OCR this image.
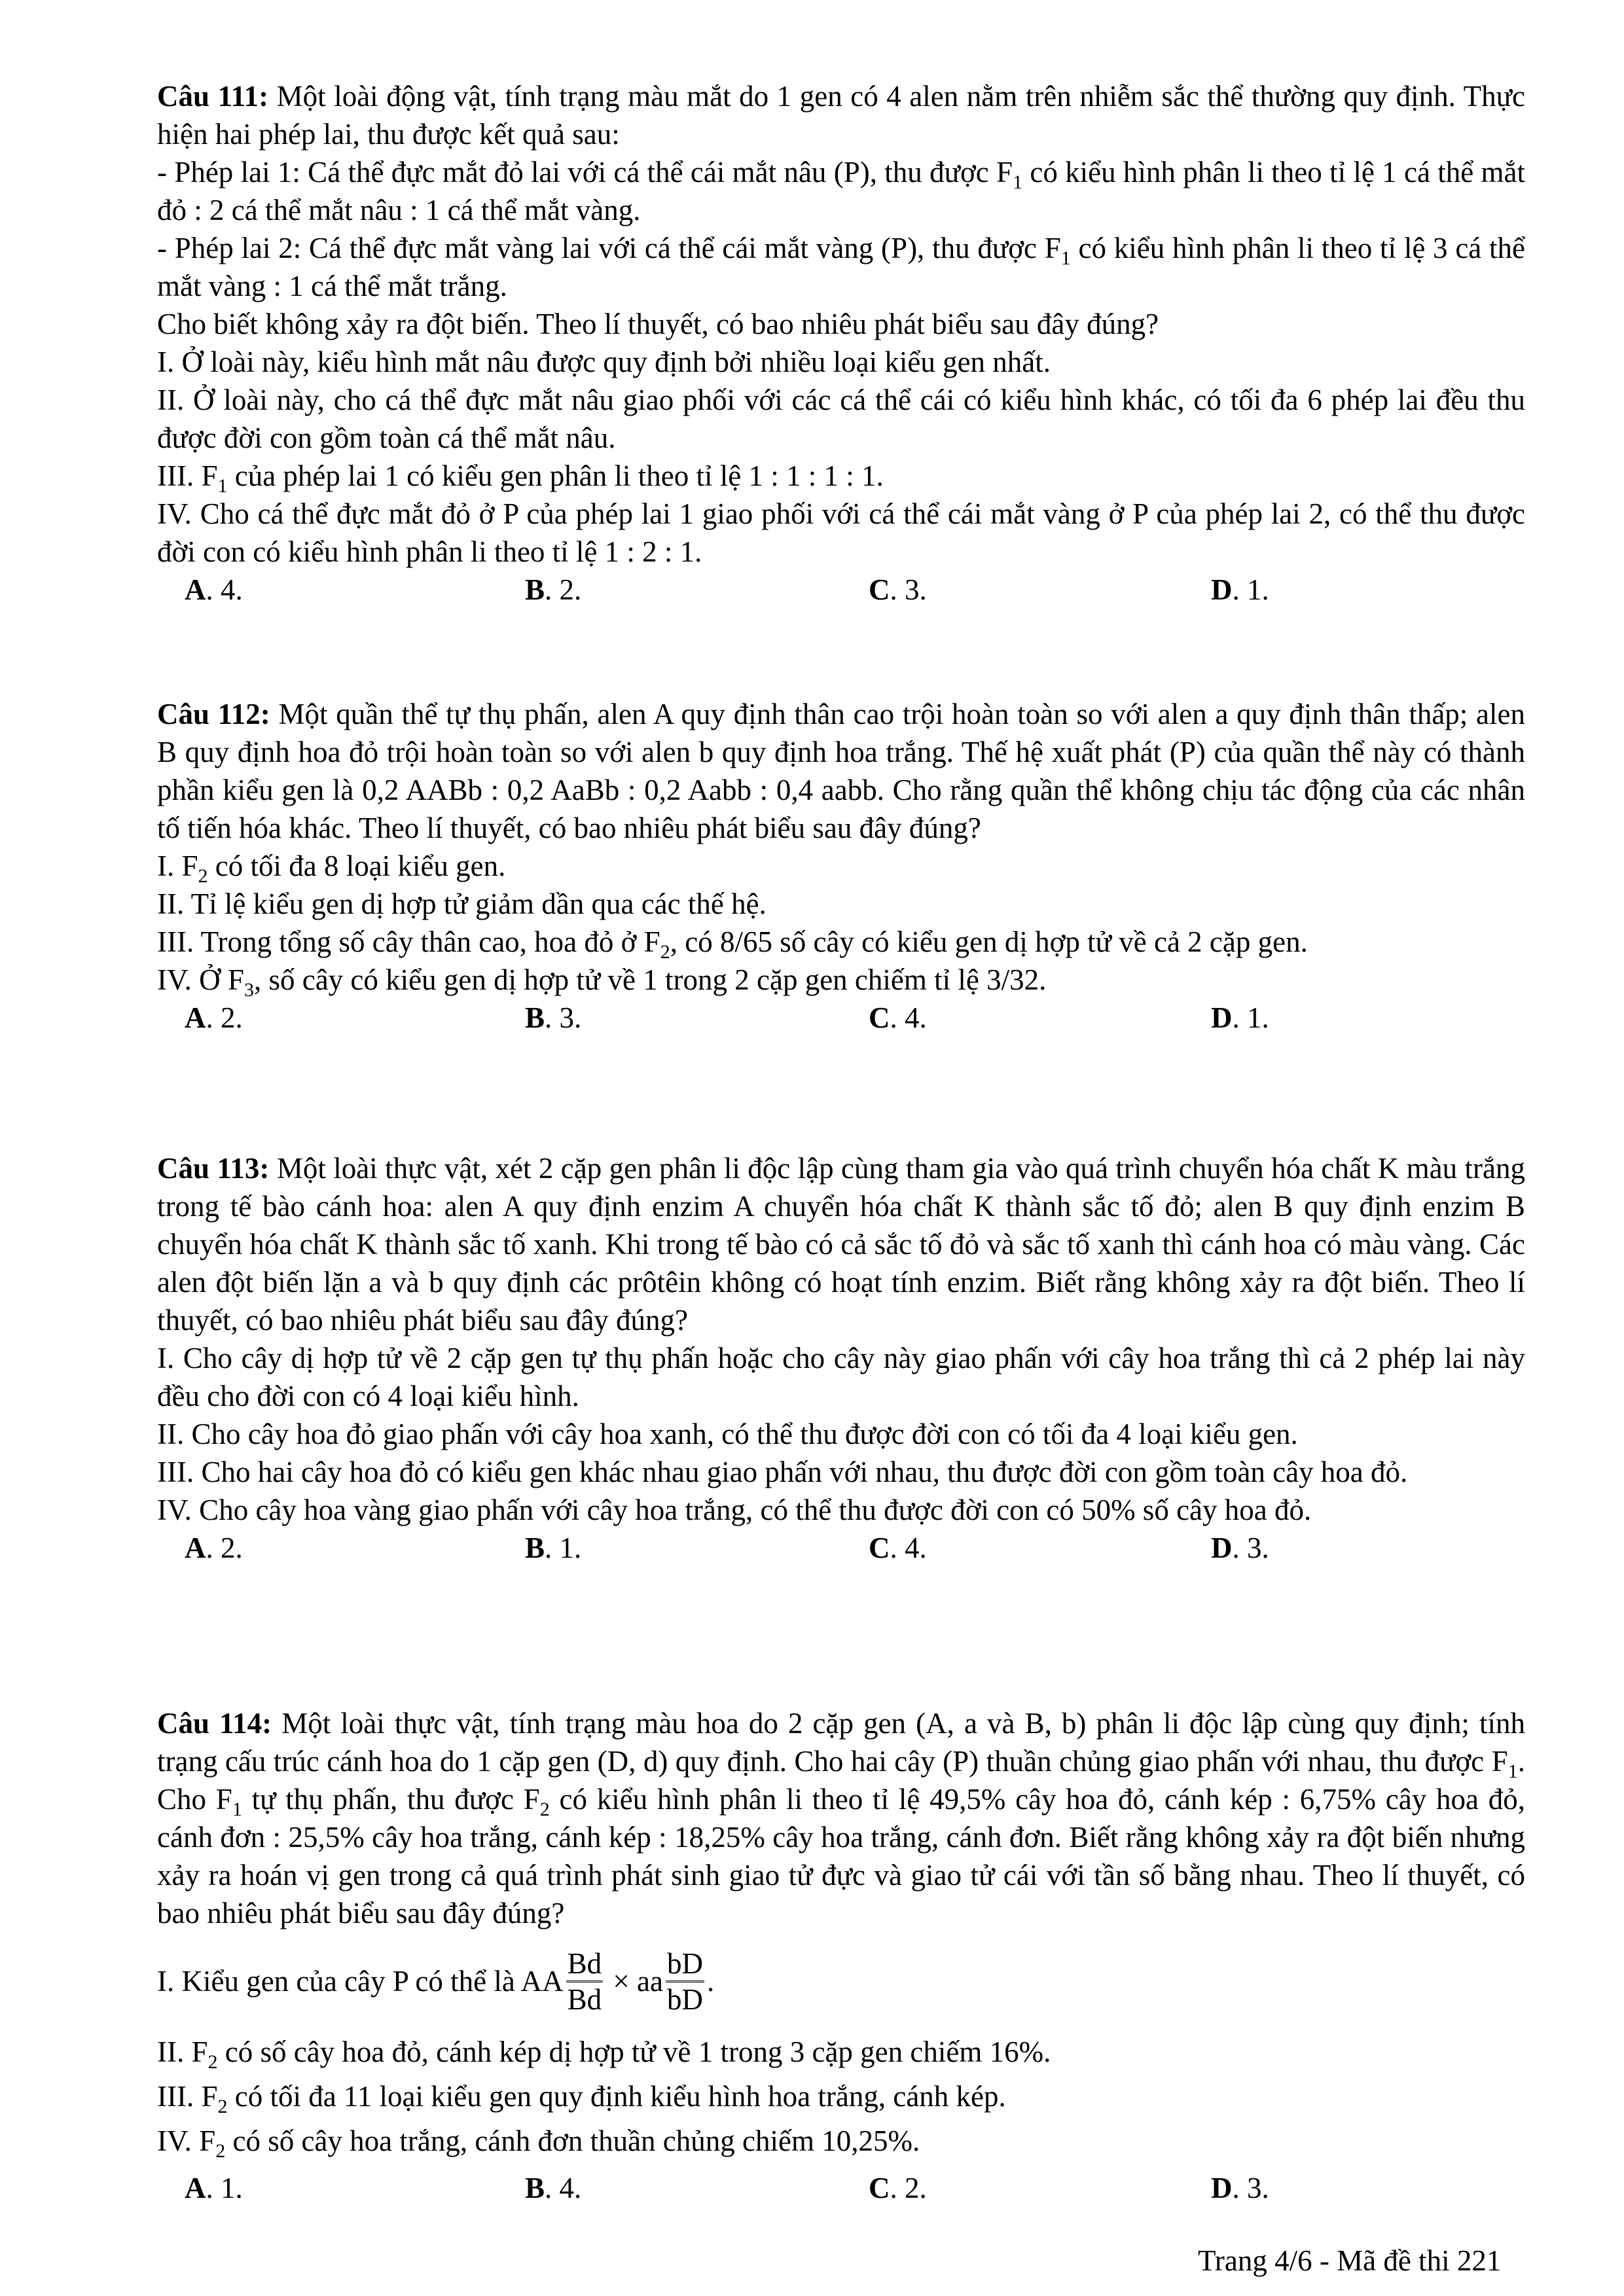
Câu 111: Một loài động vật, tính trạng màu mắt do 1 gen có 4 alen nằm trên nhiễm sắc thể thường quy định. Thực hiện hai phép lai, thu được kết quả sau:

- Phép lai 1: Cá thể đực mắt đỏ lai với cá thể cái mắt nâu (P), thu được $F_1$ có kiểu hình phân li theo tỉ lệ 1 cá thể mắt đỏ : 2 cá thể mắt nâu : 1 cá thể mắt vàng.

- Phép lai 2: Cá thể đực mắt vàng lai với cá thể cái mắt vàng (P), thu được $F_1$ có kiểu hình phân li theo tỉ lệ 3 cá thể mắt vàng : 1 cá thể mắt trắng.

Cho biết không xảy ra đột biến. Theo lí thuyết, có bao nhiêu phát biểu sau đây đúng?

I. Ở loài này, kiểu hình mắt nâu được quy định bởi nhiều loại kiểu gen nhất.

II. Ở loài này, cho cá thể đực mắt nâu giao phối với các cá thể cái có kiểu hình khác, có tối đa 6 phép lai đều thu được đời con gồm toàn cá thể mắt nâu.

III. $F_1$ của phép lai 1 có kiểu gen phân li theo tỉ lệ 1 : 1 : 1 : 1.

IV. Cho cá thể đực mắt đỏ ở P của phép lai 1 giao phối với cá thể cái mắt vàng ở P của phép lai 2, có thể thu được đời con có kiểu hình phân li theo tỉ lệ 1 : 2 : 1.

A. 4.	B. 2.	C. 3.	D. 1.

Câu 112: Một quần thể tự thụ phấn, alen A quy định thân cao trội hoàn toàn so với alen a quy định thân thấp; alen B quy định hoa đỏ trội hoàn toàn so với alen b quy định hoa trắng. Thế hệ xuất phát (P) của quần thể này có thành phần kiểu gen là 0,2 AABb : 0,2 AaBb : 0,2 Aabb : 0,4 aabb. Cho rằng quần thể không chịu tác động của các nhân tố tiến hóa khác. Theo lí thuyết, có bao nhiêu phát biểu sau đây đúng?

I. $F_2$ có tối đa 8 loại kiểu gen.

II. Tỉ lệ kiểu gen dị hợp tử giảm dần qua các thế hệ.

III. Trong tổng số cây thân cao, hoa đỏ ở $F_2$, có 8/65 số cây có kiểu gen dị hợp tử về cả 2 cặp gen.

IV. Ở $F_3$, số cây có kiểu gen dị hợp tử về 1 trong 2 cặp gen chiếm tỉ lệ 3/32.

A. 2.	B. 3.	C. 4.	D. 1.

Câu 113: Một loài thực vật, xét 2 cặp gen phân li độc lập cùng tham gia vào quá trình chuyển hóa chất K màu trắng trong tế bào cánh hoa: alen A quy định enzim A chuyển hóa chất K thành sắc tố đỏ; alen B quy định enzim B chuyển hóa chất K thành sắc tố xanh. Khi trong tế bào có cả sắc tố đỏ và sắc tố xanh thì cánh hoa có màu vàng. Các alen đột biến lặn a và b quy định các prôtêin không có hoạt tính enzim. Biết rằng không xảy ra đột biến. Theo lí thuyết, có bao nhiêu phát biểu sau đây đúng?

I. Cho cây dị hợp tử về 2 cặp gen tự thụ phấn hoặc cho cây này giao phấn với cây hoa trắng thì cả 2 phép lai này đều cho đời con có 4 loại kiểu hình.

II. Cho cây hoa đỏ giao phấn với cây hoa xanh, có thể thu được đời con có tối đa 4 loại kiểu gen.

III. Cho hai cây hoa đỏ có kiểu gen khác nhau giao phấn với nhau, thu được đời con gồm toàn cây hoa đỏ.

IV. Cho cây hoa vàng giao phấn với cây hoa trắng, có thể thu được đời con có 50% số cây hoa đỏ.

A. 2.	B. 1.	C. 4.	D. 3.

Câu 114: Một loài thực vật, tính trạng màu hoa do 2 cặp gen (A, a và B, b) phân li độc lập cùng quy định; tính trạng cấu trúc cánh hoa do 1 cặp gen (D, d) quy định. Cho hai cây (P) thuần chủng giao phấn với nhau, thu được $F_1$. Cho $F_1$ tự thụ phấn, thu được $F_2$ có kiểu hình phân li theo tỉ lệ 49,5% cây hoa đỏ, cánh kép : 6,75% cây hoa đỏ, cánh đơn : 25,5% cây hoa trắng, cánh kép : 18,25% cây hoa trắng, cánh đơn. Biết rằng không xảy ra đột biến nhưng xảy ra hoán vị gen trong cả quá trình phát sinh giao tử đực và giao tử cái với tần số bằng nhau. Theo lí thuyết, có bao nhiêu phát biểu sau đây đúng?

I. Kiểu gen của cây P có thể là AA $\frac{Bd}{Bd}$ × aa $\frac{bD}{bD}$ .

II. $F_2$ có số cây hoa đỏ, cánh kép dị hợp tử về 1 trong 3 cặp gen chiếm 16%.

III. $F_2$ có tối đa 11 loại kiểu gen quy định kiểu hình hoa trắng, cánh kép.

IV. $F_2$ có số cây hoa trắng, cánh đơn thuần chủng chiếm 10,25%.

A. 1.	B. 4.	C. 2.	D. 3.
Trang 4/6 - Mã đề thi 221
